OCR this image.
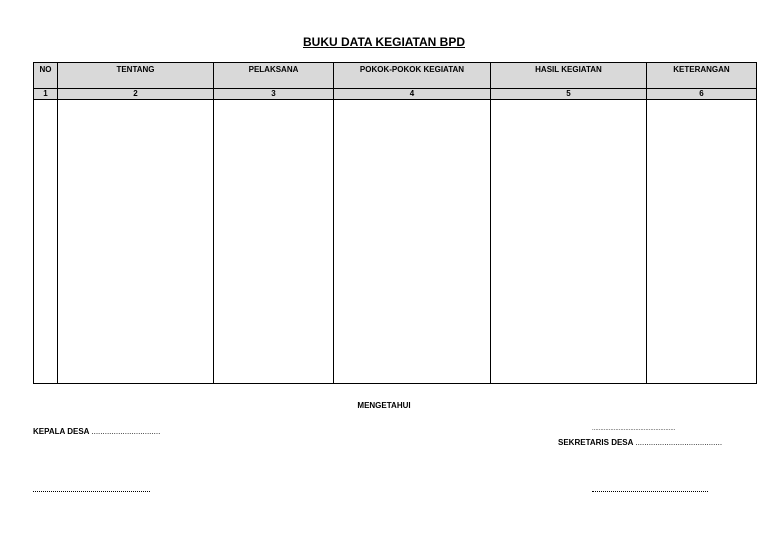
BUKU DATA KEGIATAN BPD
NO	TENTANG	PELAKSANA	POKOK-POKOK KEGIATAN	HASIL KEGIATAN	KETERANGAN
1	2	3	4	5	6

MENGETAHUI
KEPALA DESA ...............................	..................................................
SEKRETARIS DESA .......................................
